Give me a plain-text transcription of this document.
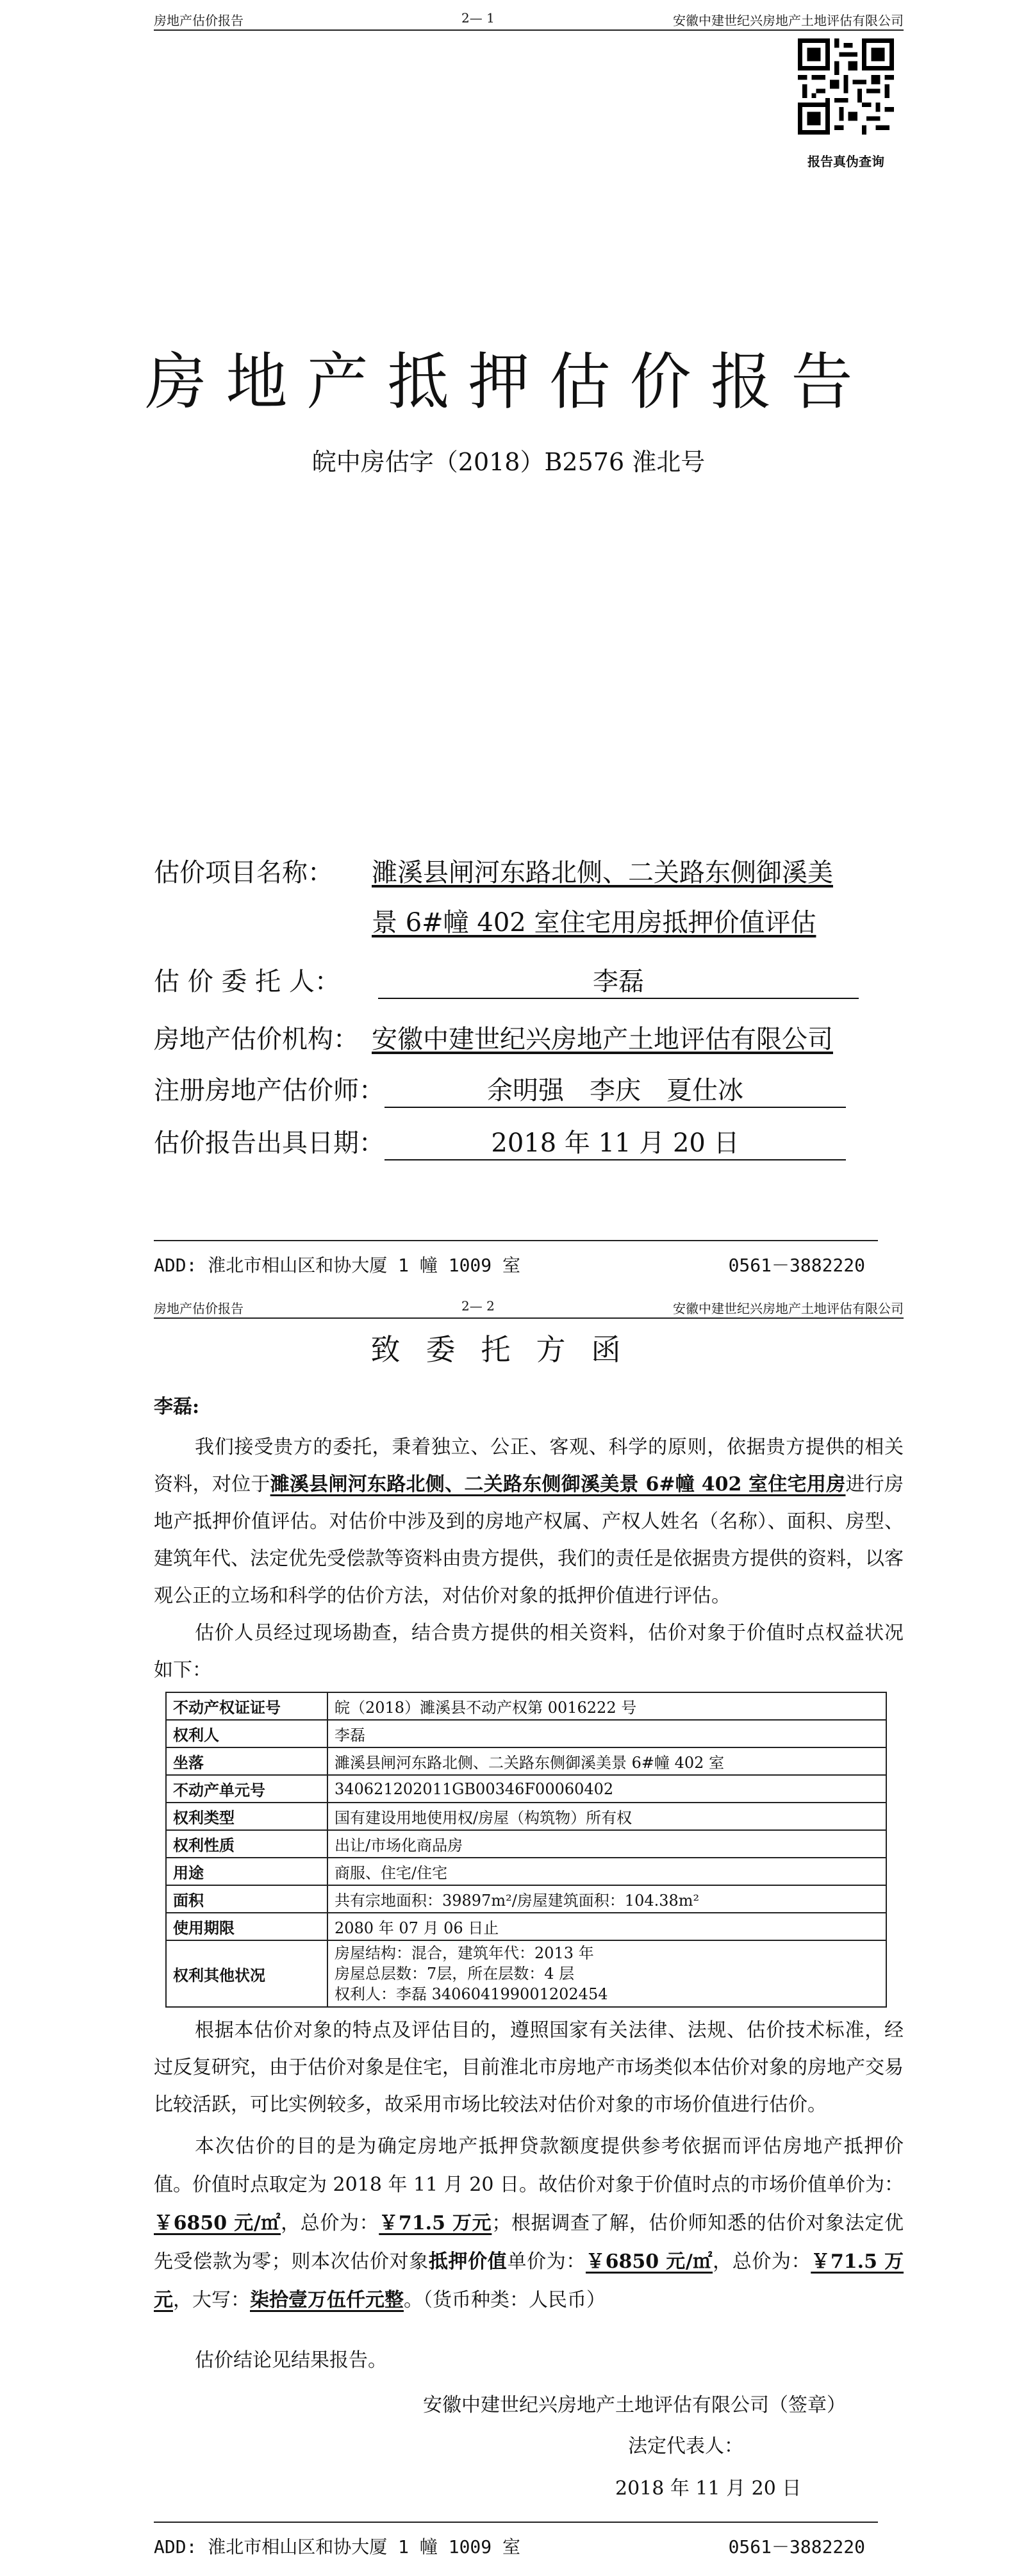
房地产估价报告	2— 1	安徽中建世纪兴房地产土地评估有限公司
报告真伪查询
房地产抵押估价报告
皖中房估字（2018）B2576 淮北号
估价项目名称： 濉溪县闸河东路北侧、二关路东侧御溪美
景 6#幢 402 室住宅用房抵押价值评估
估 价 委 托 人：	李磊
房地产估价机构： 安徽中建世纪兴房地产土地评估有限公司
注册房地产估价师：	余明强　李庆　夏仕冰
估价报告出具日期：	2018 年 11 月 20 日
ADD: 淮北市相山区和协大厦 1 幢 1009 室	0561－3882220
房地产估价报告	2— 2	安徽中建世纪兴房地产土地评估有限公司
致委托方函
李磊:
我们接受贵方的委托，秉着独立、公正、客观、科学的原则，依据贵方提供的相关资料，对位于濉溪县闸河东路北侧、二关路东侧御溪美景 6#幢 402 室住宅用房进行房地产抵押价值评估。对估价中涉及到的房地产权属、产权人姓名（名称）、面积、房型、建筑年代、法定优先受偿款等资料由贵方提供，我们的责任是依据贵方提供的资料，以客观公正的立场和科学的估价方法，对估价对象的抵押价值进行评估。
估价人员经过现场勘查，结合贵方提供的相关资料，估价对象于价值时点权益状况如下：
不动产权证证号	皖（2018）濉溪县不动产权第 0016222 号
权利人	李磊
坐落	濉溪县闸河东路北侧、二关路东侧御溪美景 6#幢 402 室
不动产单元号	340621202011GB00346F00060402
权利类型	国有建设用地使用权/房屋（构筑物）所有权
权利性质	出让/市场化商品房
用途	商服、住宅/住宅
面积	共有宗地面积：39897m²/房屋建筑面积：104.38m²
使用期限	2080 年 07 月 06 日止
权利其他状况	房屋结构：混合，建筑年代：2013 年
房屋总层数：7层，所在层数：4 层
权利人：李磊 340604199001202454
根据本估价对象的特点及评估目的，遵照国家有关法律、法规、估价技术标准，经过反复研究，由于估价对象是住宅，目前淮北市房地产市场类似本估价对象的房地产交易比较活跃，可比实例较多，故采用市场比较法对估价对象的市场价值进行估价。
本次估价的目的是为确定房地产抵押贷款额度提供参考依据而评估房地产抵押价值。价值时点取定为 2018 年 11 月 20 日。故估价对象于价值时点的市场价值单价为：￥6850 元/㎡，总价为：￥71.5 万元；根据调查了解，估价师知悉的估价对象法定优先受偿款为零；则本次估价对象抵押价值单价为：￥6850 元/㎡，总价为：￥71.5 万元，大写：柒拾壹万伍仟元整。（货币种类：人民币）
估价结论见结果报告。
安徽中建世纪兴房地产土地评估有限公司（签章）
法定代表人：
2018 年 11 月 20 日
ADD: 淮北市相山区和协大厦 1 幢 1009 室	0561－3882220
